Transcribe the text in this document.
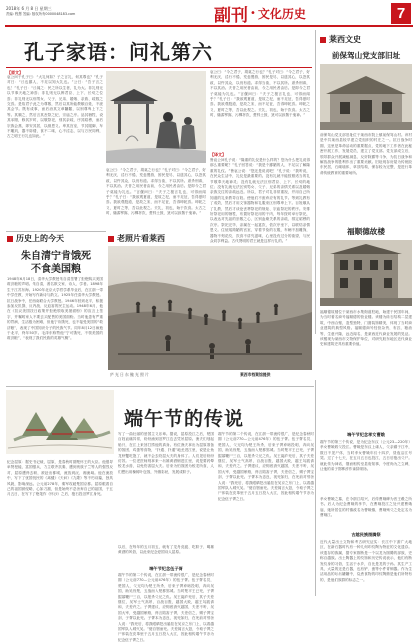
2018年 6 月 8 日 星期三
责编: 程慧 签编: 版权所有0000048183.com	副刊 • 文化历史	7
孔子家语：问礼第六
【原文】
哀公问于孔子曰：“大礼何如？子之言礼，何其尊也？”孔子对曰：“丘也鄙人，不足以知大礼也。”公曰：“吾子言之也！”孔子曰：“丘闻之：民之所以生者，礼为大。非礼则无以节事天地之神焉；非礼则无以辨君臣、上下、长幼之位焉；非礼则无以别男女、父子、兄弟、婚姻、亲族、疏数之交焉。是故君子此之为尊敬，然后以其所能教顺百姓，不废其会节。既有成事，而后治其文章黼黻，以别尊卑上下之等。其顺之，然后言其丧祭之纪，宗庙之序。品其牺牲，设其豕腊，修其岁时，以敬祭祀，别其亲疏，序其昭穆，而后宗族会燕，即安其居，以缀恩义。卑其宫室，节其服御，车不雕玑，器不彫镂，食不二味，心不淫志，以与万民同利，古之明王行礼也如此。”
哀公曰：“今之君子，胡莫之行也？”孔子对曰：“今之君子，好利无厌，淫行不倦，荒怠慢游，固民是尽，以遂其心，以怨其政，以忤其众，以伐有道。求得当欲，不以其所。虐杀刑诛，不以其治。夫昔之用民者由前，今之用民者由后。是即今之君子莫能为礼也。”言偃问曰：“夫子之极言礼也，可得而闻乎？”孔子曰：“我欲观夏道，是故之杞，而不足征，吾得夏时焉。我欲观殷道，是故之宋，而不足征，吾得坤乾焉。坤乾之义，夏时之等，吾以此观之。夫礼，初也，始于饮食。太古之时，燔黍擘豚，污樽抔饮，蒉桴土鼓，犹可以致敬于鬼神。”
哀公曰：“今之君子，胡莫之行也？”孔子对曰：“今之君子，好利无厌，淫行不倦，荒怠慢游，固民是尽，以遂其心，以怨其政，以忤其众，以伐有道。求得当欲，不以其所。虐杀刑诛，不以其治。夫昔之用民者由前，今之用民者由后。是即今之君子莫能为礼也。”言偃问曰：“夫子之极言礼也，可得而闻乎？”孔子曰：“我欲观夏道，是故之杞，而不足征，吾得夏时焉。我欲观殷道，是故之宋，而不足征，吾得坤乾焉。坤乾之义，夏时之等，吾以此观之。夫礼，初也，始于饮食。太古之时，燔黍擘豚，污樽抔饮，蒉桴土鼓，犹可以致敬于鬼神。”
【译文】
鲁哀公问孔子说：“隆重的礼仪是什么样的？您为什么把礼说得那么重要呢？”孔子回答说：“我是个鄙陋的人，不足以了解隆重的礼仪。”鲁哀公说：“您还是说说吧！”孔子说：“我听说，在民众生活中，礼仪是最重要的。没有礼就不能按照适当的礼节敬奉天地神灵；没有礼就无法区别君臣、上下、长幼的地位；没有礼就无法区别男女、父子、兄弟的亲情关系以及婚姻亲族交往的亲疏远近。所以，君子对礼非常重视，并用自己所知道的礼来教导百姓。使他们不废弃应有的礼节。等到礼教有了成效，然后才用文饰器物和礼服来区别尊卑上下。百姓顺从了礼教，然后才谈论丧葬祭祀的规矩、宗庙祭祀的秩序。安排好祭祀用的牺牲，布置好祭祀用的干肉，每年按时举行祭祀，以表达对先祖的崇敬之心，区别血缘关系的亲疏，排定昭穆的次序。祭祀完毕，亲属在一起宴饮，依次序坐下，以联结亲情恩义。住低矮简陋的宫室，穿着节俭的衣服，车辆不加雕饰，器物不刻花纹，饮食不讲究滋味，心里没有过分的欲望，与民众同享利益。古代贤明的君王就是这样行礼的。”
历史上的今天
朱自清宁肯饿死
不食美国粮
1948年6月18日，清华大学教授朱自清签署了拒绝购买美国救济粮的声明。朱自清，著名散文家、诗人、学者。1898年生于江苏东海。1920年北京大学哲学系毕业后，在江浙一带中学任教，开始写作新诗与散文。1925年任清华大学教授。抗日战争中，任西南联合大学教授。1946年回到北平，积极参加反饥饿、反内战、反迫害的民主运动。1948年6月，他在《抗议美国扶日政策并拒绝领取美援面粉》的宣言上签字，并嘱咐家人不要去买配售的美国面粉。当时他患有严重的胃病，生活极为困难，但他宁肯饿死，也不接受美国的“救济粮”，表现了中国知识分子的民族气节。同年8月12日病逝于北平，终年50岁。毛泽东称赞他“宁可饿死，不领美国的救济粮”，“表现了我们民族的英雄气概”。
老照片看莱西
庐 光 日 东 撤 光 照 片	莱西市档案馆提供
莱西文史
前保驾山党支部旧址
前保驾山党支部旧址位于莱西市院上镇前保驾山村。该村是中共莱西县较早建立党组织的村庄之一。抗日战争时期，这里是革命活动的重要据点，党的地下工作者在此秘密开展工作，发展党员，建立了党支部。党支部成立后，领导群众开展减租减息、反奸除霸等斗争，为抗日战争和解放战争的胜利作出了重要贡献。旧址现存房屋为传统胶东民居，石砌墙体，草顶结构，保存较为完整，是进行革命传统教育的重要场所。
福顺德故楼
福顺德故楼位于莱西市水集街道驻地，始建于民国年间，为当时著名商号福顺德的营业楼。该楼为砖石结构二层建筑，中西合璧，造型独特，门窗装饰精美，体现了当时商业建筑的典型风格。福顺德商号经营杂货、布匹、粮油等，生意兴隆，远近闻名，是莱西近代商业发展的见证。该楼现为莱西市文物保护单位，对研究胶东地区近代商业史和建筑史具有重要价值。
端午节的传说
写了一曲壮丽的爱国主义乐章。据说，屈原投江之后，楚国百姓哀痛异常，纷纷涌到汨罗江边去凭吊屈原。渔夫们划起船只，在江上来回打捞他的真身。有位渔夫拿出为屈原准备的饭团、鸡蛋等食物，“扑通、扑通”地丢进江里，说是让鱼龙虾蟹吃饱了，就不会去咬屈大夫的身体了。人们见后纷纷仿效。一位老医师则拿来一坛雄黄酒倒进江里，说是要药晕蛟龙水兽，以免伤害屈大夫。后来为怕饭团为蛟龙所食，人们想出用楝树叶包饭，外缠彩丝，发展成粽子。
端午节的第二个传说，在江浙一带流传很广，是纪念春秋时期（公元前770—公元前476年）的伍子胥。伍子胥名员，楚国人，父兄均为楚王所杀，后来子胥弃暗投明，奔向吴国，助吴伐楚，五战而入楚都郢城。当时楚平王已死，子胥掘墓鞭尸三百，以报杀父兄之仇。吴王阖庐死后，其子夫差继位，吴军士气高昂，百战百胜，越国大败，越王勾践请和，夫差许之。子胥建议，应彻底消灭越国，夫差不听，吴国大宰，受越国贿赂，谗言陷害子胥，夫差信之，赐子胥宝剑，子胥以此死。子胥本为忠良，视死如归，在死前对邻舍人说：“我死后，将我眼睛挖出悬挂在吴京之东门上，以看越国军队入城灭吴。”便自刎而死。夫差闻言大怒，令取子胥之尸体装在皮革里于五月五日投入大江，因此相传端午节亦为纪念伍子胥之日。
纪念屈原：据史书记载，屈原，是春秋时期楚怀王的大臣。他倡导举贤授能，富国强兵，力主联齐抗秦，遭到贵族子兰等人的强烈反对，屈原遭谗去职，被赶出都城，流放到沅、湘流域。他在流放中，写下了忧国忧民的《离骚》《天问》《九歌》等不朽诗篇，独具风貌，影响深远。公元前278年，秦军攻破楚国京都。屈原眼看自己的祖国被侵略，心如刀割，但是始终不忍舍弃自己的祖国，于五月五日，在写下了绝笔作《怀沙》之后，抱石投汨罗江身死。
以后，在每年的五月初五，就有了龙舟竞渡、吃粽子、喝雄黄酒的风俗，以此来纪念爱国诗人屈原。
端午节纪念伍子胥
端午节的第二个传说，在江浙一带流传很广，是纪念春秋时期（公元前770—公元前476年）的伍子胥。伍子胥名员，楚国人，父兄均为楚王所杀，后来子胥弃暗投明，奔向吴国，助吴伐楚，五战而入楚都郢城。当时楚平王已死，子胥掘墓鞭尸三百，以报杀父兄之仇。吴王阖庐死后，其子夫差继位，吴军士气高昂，百战百胜，越国大败，越王勾践请和，夫差许之。子胥建议，应彻底消灭越国，夫差不听，吴国大宰，受越国贿赂，谗言陷害子胥，夫差信之，赐子胥宝剑，子胥以此死。子胥本为忠良，视死如归，在死前对邻舍人说：“我死后，将我眼睛挖出悬挂在吴京之东门上，以看越国军队入城灭吴。”便自刎而死。夫差闻言大怒，令取子胥之尸体装在皮革里于五月五日投入大江，因此相传端午节亦为纪念伍子胥之日。
端午节纪念孝女曹娥
端午节的第三个传说，是为纪念东汉（公元23—220年）孝女曹娥救父投江。曹娥是东汉上虞人，父亲溺于江中，数日不见尸体，当时孝女曹娥年仅十四岁，昼夜沿江号哭。过了十七天，在五月五日也投江，五日后抱出父尸。就此传为神话，继而相传至县府知事，令度尚为之立碑，让他的弟子邯郸淳作诔辞颂扬。
孝女曹娥之墓，在今浙江绍兴，后传曹娥碑为晋王羲之所书。后人为纪念曹娥的孝节，在曹娥投江之处兴建曹娥庙，她所居住的村镇改名为曹娥镇，曹娥殉父之处定名为曹娥江。
古越民族图腾祭
近代大量出土文物和考古研究证实：长江中下游广大地区，在新石器时代有一种几何印纹陶为特征的文化遗存。该遗存的族属，据专家推断是一个以龙为图腾的部族，史称百越族。出土陶器上的纹饰和历史传说表示，他们有断发纹身的习俗，生活于水乡，自比是龙的子孙。其生产工具，大量的还是石器，也有铲、凿等小件青铜器。作为生活用品的坛坛罐罐中，烧煮食物的印纹陶鼎是他们所特有的，是他们族群的标志之一。
